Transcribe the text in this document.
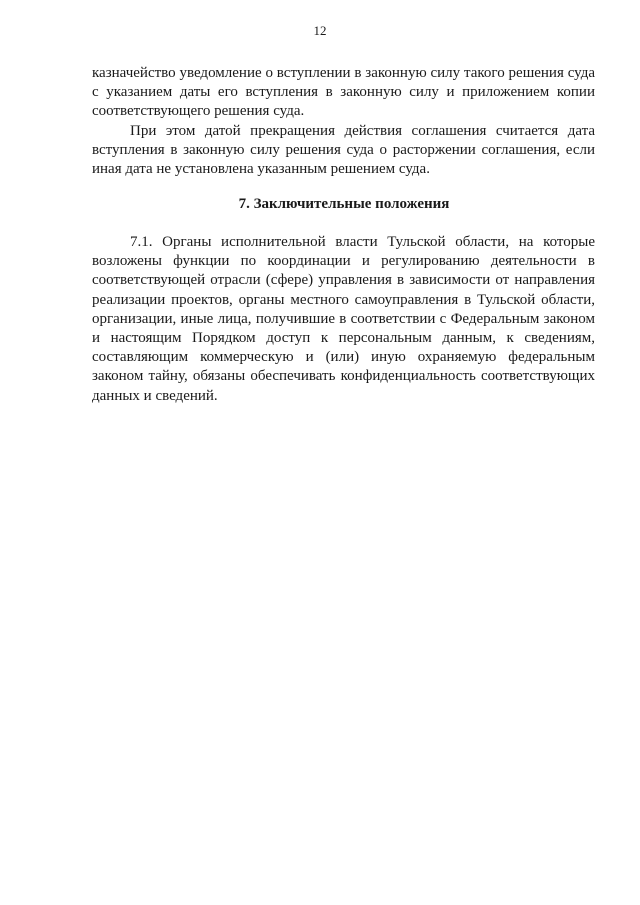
12
казначейство уведомление о вступлении в законную силу такого решения суда
с указанием даты его вступления в законную силу и приложением копии
соответствующего решения суда.
При этом датой прекращения действия соглашения считается дата
вступления в законную силу решения суда о расторжении соглашения, если
иная дата не установлена указанным решением суда.
7. Заключительные положения
7.1. Органы исполнительной власти Тульской области, на которые
возложены функции по координации и регулированию деятельности в
соответствующей отрасли (сфере) управления в зависимости от направления
реализации проектов, органы местного самоуправления в Тульской области,
организации, иные лица, получившие в соответствии с Федеральным законом
и настоящим Порядком доступ к персональным данным, к сведениям,
составляющим коммерческую и (или) иную охраняемую федеральным
законом тайну, обязаны обеспечивать конфиденциальность соответствующих
данных и сведений.
